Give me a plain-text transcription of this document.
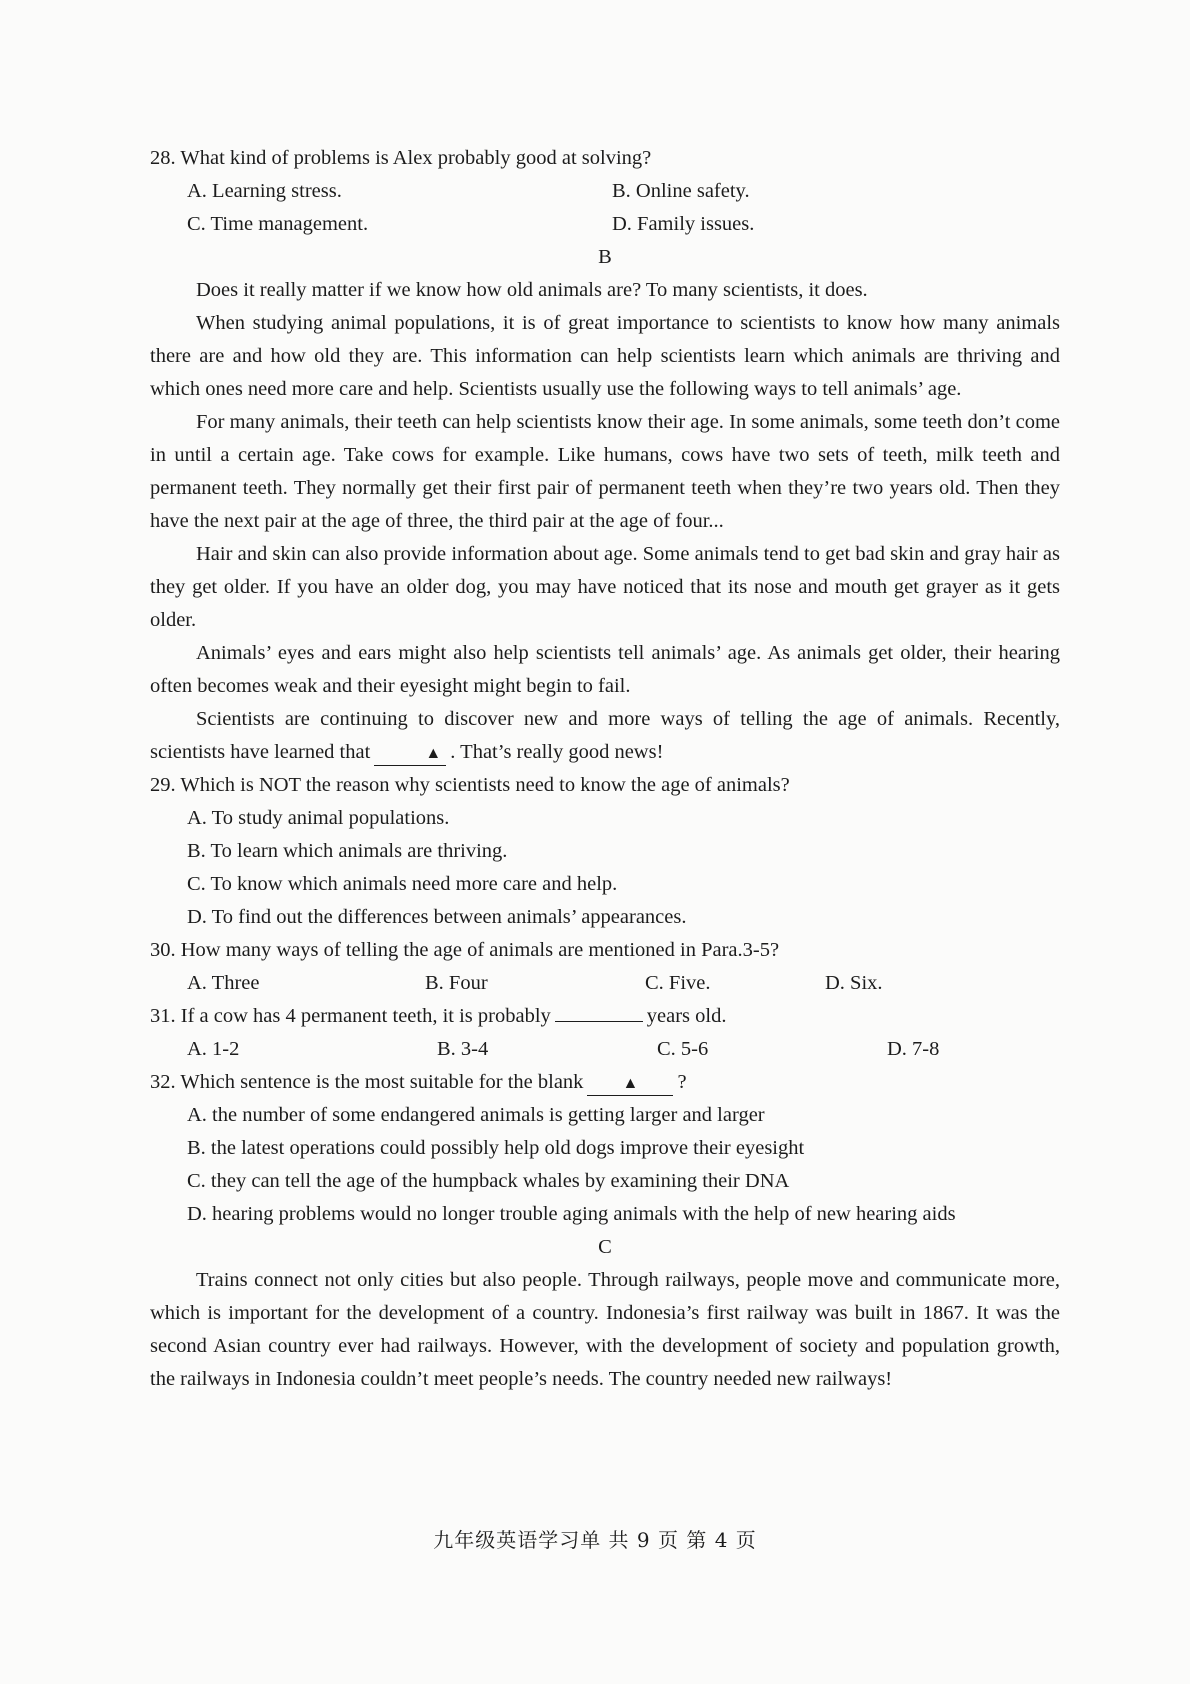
28. What kind of problems is Alex probably good at solving?

A. Learning stress.	B. Online safety.

C. Time management.	D. Family issues.

B

Does it really matter if we know how old animals are? To many scientists, it does.

When studying animal populations, it is of great importance to scientists to know how many animals there are and how old they are. This information can help scientists learn which animals are thriving and which ones need more care and help. Scientists usually use the following ways to tell animals’ age.

For many animals, their teeth can help scientists know their age. In some animals, some teeth don’t come in until a certain age. Take cows for example. Like humans, cows have two sets of teeth, milk teeth and permanent teeth. They normally get their first pair of permanent teeth when they’re two years old. Then they have the next pair at the age of three, the third pair at the age of four...

Hair and skin can also provide information about age. Some animals tend to get bad skin and gray hair as they get older. If you have an older dog, you may have noticed that its nose and mouth get grayer as it gets older.

Animals’ eyes and ears might also help scientists tell animals’ age. As animals get older, their hearing often becomes weak and their eyesight might begin to fail.

Scientists are continuing to discover new and more ways of telling the age of animals. Recently, scientists have learned that	▲ . That’s really good news!

29. Which is NOT the reason why scientists need to know the age of animals?

A. To study animal populations.

B. To learn which animals are thriving.

C. To know which animals need more care and help.

D. To find out the differences between animals’ appearances.

30. How many ways of telling the age of animals are mentioned in Para.3-5?

A. Three	B. Four	C. Five.	D. Six.

31. If a cow has 4 permanent teeth, it is probably	years old.

A. 1-2	B. 3-4	C. 5-6	D. 7-8

32. Which sentence is the most suitable for the blank ▲ ?

A. the number of some endangered animals is getting larger and larger

B. the latest operations could possibly help old dogs improve their eyesight

C. they can tell the age of the humpback whales by examining their DNA

D. hearing problems would no longer trouble aging animals with the help of new hearing aids

C

Trains connect not only cities but also people. Through railways, people move and communicate more, which is important for the development of a country. Indonesia’s first railway was built in 1867. It was the second Asian country ever had railways. However, with the development of society and population growth, the railways in Indonesia couldn’t meet people’s needs. The country needed new railways!

九年级英语学习单 共 9 页 第 4 页
